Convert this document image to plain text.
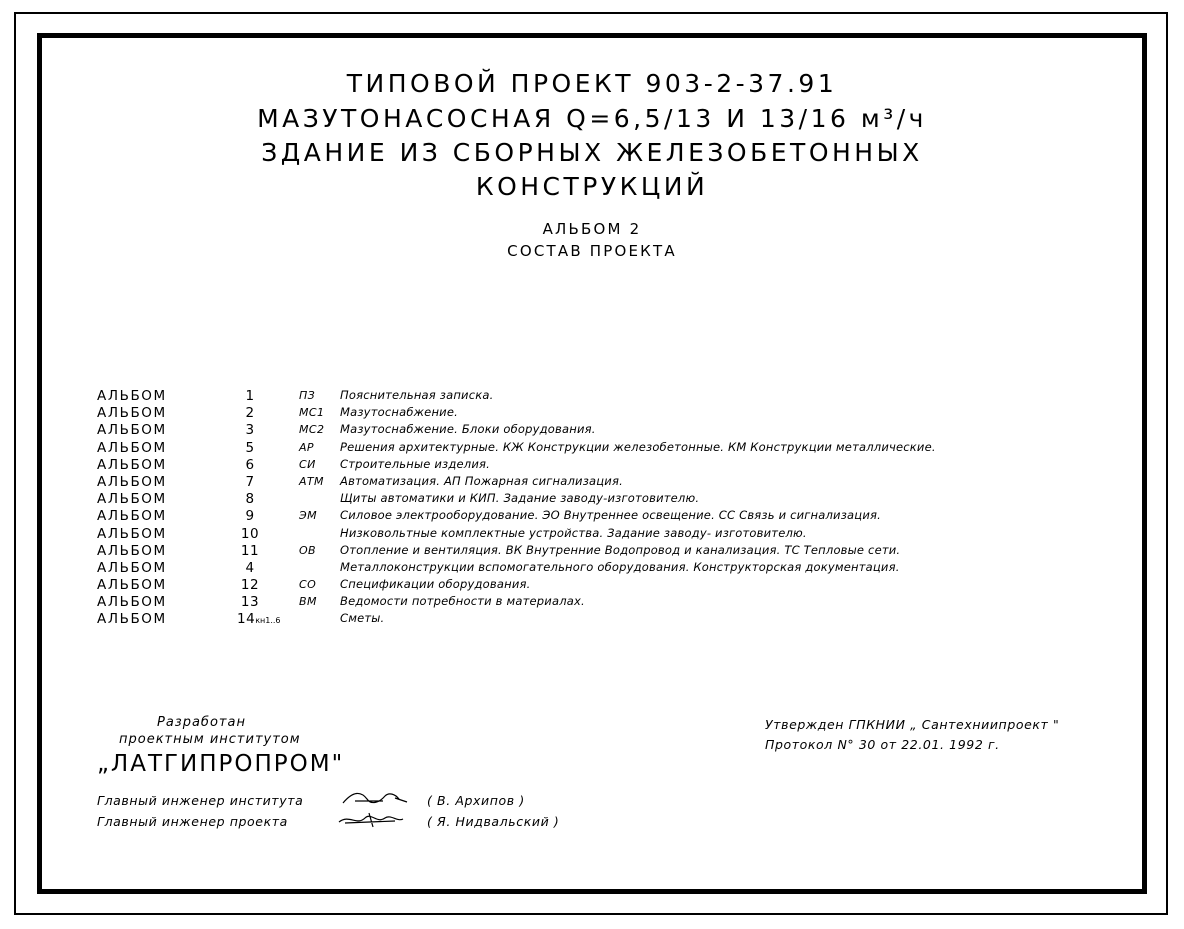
ТИПОВОЙ ПРОЕКТ 903-2-37.91
МАЗУТОНАСОСНАЯ Q=6,5/13 И 13/16 м³/ч
ЗДАНИЕ ИЗ СБОРНЫХ ЖЕЛЕЗОБЕТОННЫХ
КОНСТРУКЦИЙ
АЛЬБОМ 2
СОСТАВ ПРОЕКТА
АЛЬБОМ	1	ПЗ Пояснительная записка.
АЛЬБОМ	2	МС1 Мазутоснабжение.
АЛЬБОМ	3	МС2 Мазутоснабжение. Блоки оборудования.
АЛЬБОМ	5	АР Решения архитектурные. КЖ Конструкции железобетонные. КМ Конструкции металлические.
АЛЬБОМ	6	СИ Строительные изделия.
АЛЬБОМ	7	АТМ Автоматизация. АП Пожарная сигнализация.
АЛЬБОМ	8	Щиты автоматики и КИП. Задание заводу-изготовителю.
АЛЬБОМ	9	ЭМ Силовое электрооборудование. ЭО Внутреннее освещение. СС Связь и сигнализация.
АЛЬБОМ	10	Низковольтные комплектные устройства. Задание заводу- изготовителю.
АЛЬБОМ	11	ОВ Отопление и вентиляция. ВК Внутренние Водопровод и канализация. ТС Тепловые сети.
АЛЬБОМ	4	Металлоконструкции вспомогательного оборудования. Конструкторская документация.
АЛЬБОМ	12	СО Спецификации оборудования.
АЛЬБОМ	13	ВМ Ведомости потребности в материалах.
АЛЬБОМ	14кн1..6	Сметы.
Разработан
проектным институтом
„ЛАТГИПРОПРОМ"
Главный инженер института	( В. Архипов )
Главный инженер проекта	( Я. Нидвальский )
Утвержден ГПКНИИ „ Сантехниипроект "
Протокол N° 30 от 22.01. 1992 г.
